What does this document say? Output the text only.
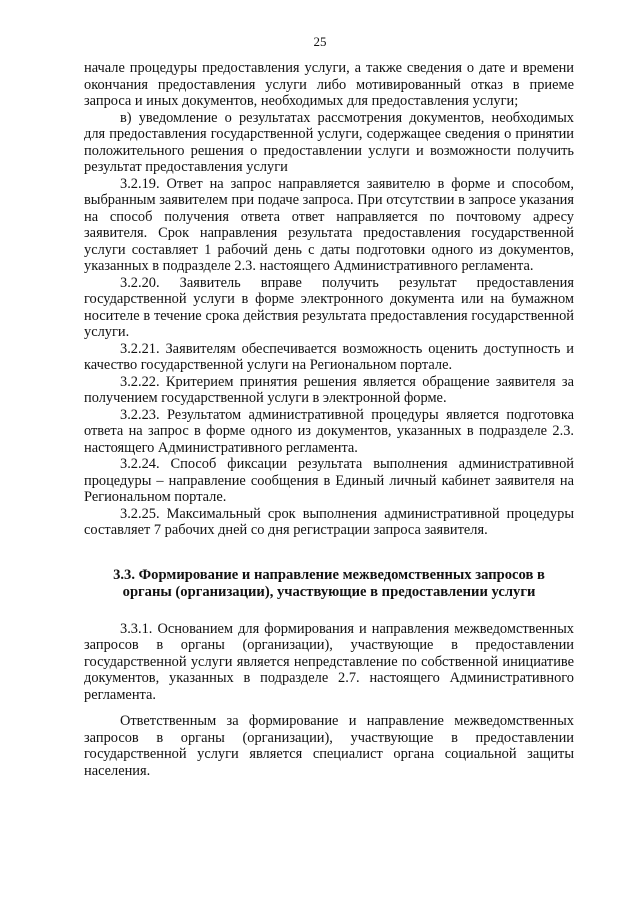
25

начале процедуры предоставления услуги, а также сведения о дате и времени окончания предоставления услуги либо мотивированный отказ в приеме запроса и иных документов, необходимых для предоставления услуги;

в) уведомление о результатах рассмотрения документов, необходимых для предоставления государственной услуги, содержащее сведения о принятии положительного решения о предоставлении услуги и возможности получить результат предоставления услуги

3.2.19. Ответ на запрос направляется заявителю в форме и способом, выбранным заявителем при подаче запроса. При отсутствии в запросе указания на способ получения ответа ответ направляется по почтовому адресу заявителя. Срок направления результата предоставления государственной услуги составляет 1 рабочий день с даты подготовки одного из документов, указанных в подразделе 2.3. настоящего Административного регламента.

3.2.20. Заявитель вправе получить результат предоставления государственной услуги в форме электронного документа или на бумажном носителе в течение срока действия результата предоставления государственной услуги.

3.2.21. Заявителям обеспечивается возможность оценить доступность и качество государственной услуги на Региональном портале.

3.2.22. Критерием принятия решения является обращение заявителя за получением государственной услуги в электронной форме.

3.2.23. Результатом административной процедуры является подготовка ответа на запрос в форме одного из документов, указанных в подразделе 2.3. настоящего Административного регламента.

3.2.24. Способ фиксации результата выполнения административной процедуры – направление сообщения в Единый личный кабинет заявителя на Региональном портале.

3.2.25. Максимальный срок выполнения административной процедуры составляет 7 рабочих дней со дня регистрации запроса заявителя.

3.3. Формирование и направление межведомственных запросов в органы (организации), участвующие в предоставлении услуги

3.3.1. Основанием для формирования и направления межведомственных запросов в органы (организации), участвующие в предоставлении государственной услуги является непредставление по собственной инициативе документов, указанных в подразделе 2.7. настоящего Административного регламента.

Ответственным за формирование и направление межведомственных запросов в органы (организации), участвующие в предоставлении государственной услуги является специалист органа социальной защиты населения.
